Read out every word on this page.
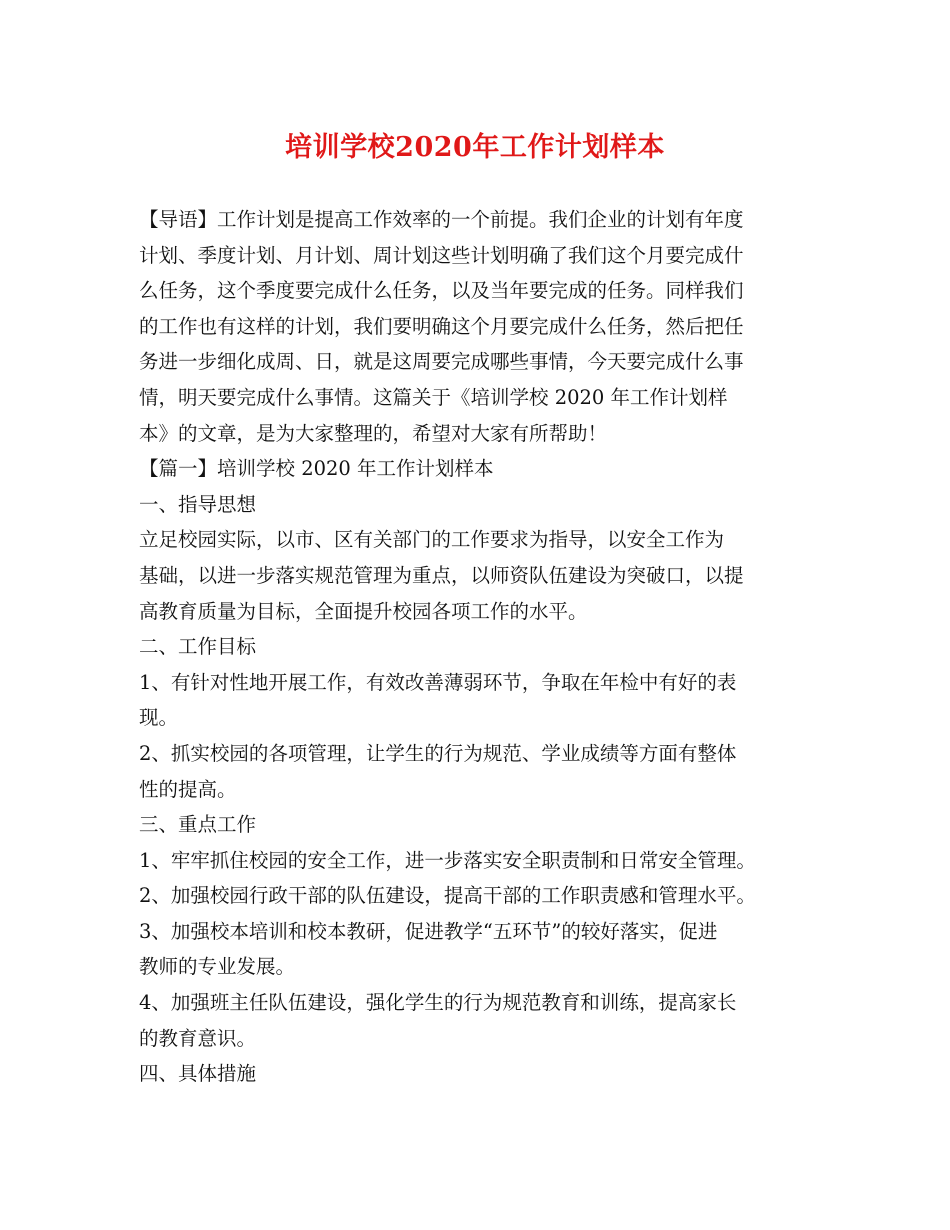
培训学校2020年工作计划样本
【导语】工作计划是提高工作效率的一个前提。我们企业的计划有年度
计划、季度计划、月计划、周计划这些计划明确了我们这个月要完成什
么任务，这个季度要完成什么任务，以及当年要完成的任务。同样我们
的工作也有这样的计划，我们要明确这个月要完成什么任务，然后把任
务进一步细化成周、日，就是这周要完成哪些事情，今天要完成什么事
情，明天要完成什么事情。这篇关于《培训学校 2020 年工作计划样
本》的文章，是为大家整理的，希望对大家有所帮助！
【篇一】培训学校 2020 年工作计划样本
一、指导思想
立足校园实际，以市、区有关部门的工作要求为指导，以安全工作为
基础，以进一步落实规范管理为重点，以师资队伍建设为突破口，以提
高教育质量为目标，全面提升校园各项工作的水平。
二、工作目标
1、有针对性地开展工作，有效改善薄弱环节，争取在年检中有好的表
现。
2、抓实校园的各项管理，让学生的行为规范、学业成绩等方面有整体
性的提高。
三、重点工作
1、牢牢抓住校园的安全工作，进一步落实安全职责制和日常安全管理。
2、加强校园行政干部的队伍建设，提高干部的工作职责感和管理水平。
3、加强校本培训和校本教研，促进教学“五环节”的较好落实，促进
教师的专业发展。
4、加强班主任队伍建设，强化学生的行为规范教育和训练，提高家长
的教育意识。
四、具体措施
